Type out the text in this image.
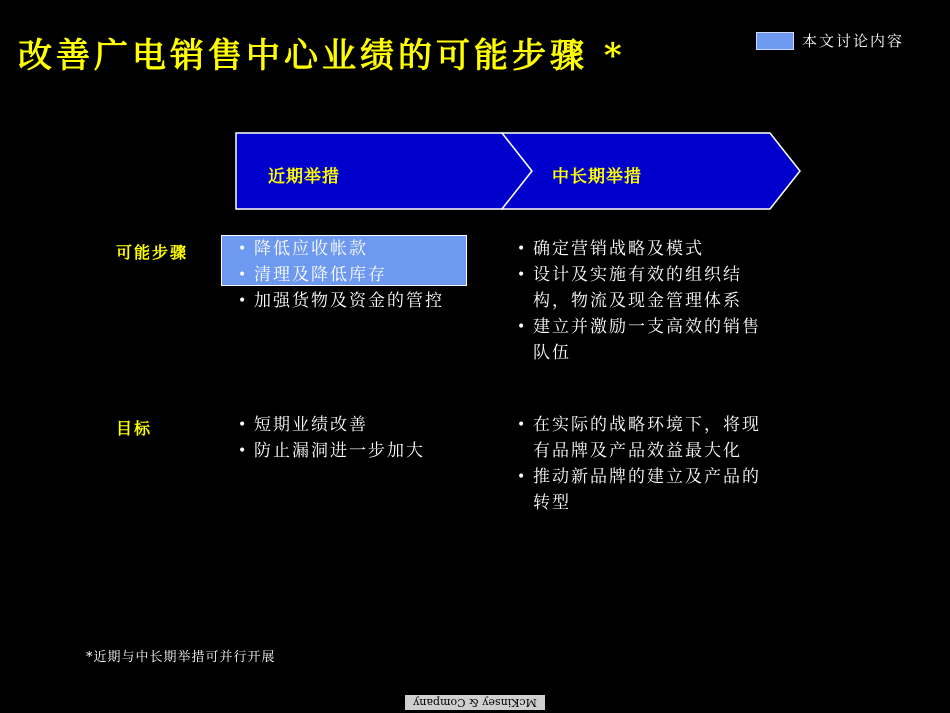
改善广电销售中心业绩的可能步骤 *	本文讨论内容
近期举措	中长期举措
可能步骤
目标
• 降低应收帐款
• 清理及降低库存
• 加强货物及资金的管控
• 确定营销战略及模式
• 设计及实施有效的组织结构，物流及现金管理体系
• 建立并激励一支高效的销售队伍
• 短期业绩改善
• 防止漏洞进一步加大
• 在实际的战略环境下，将现有品牌及产品效益最大化
• 推动新品牌的建立及产品的转型
*近期与中长期举措可并行开展
McKinsey & Company
